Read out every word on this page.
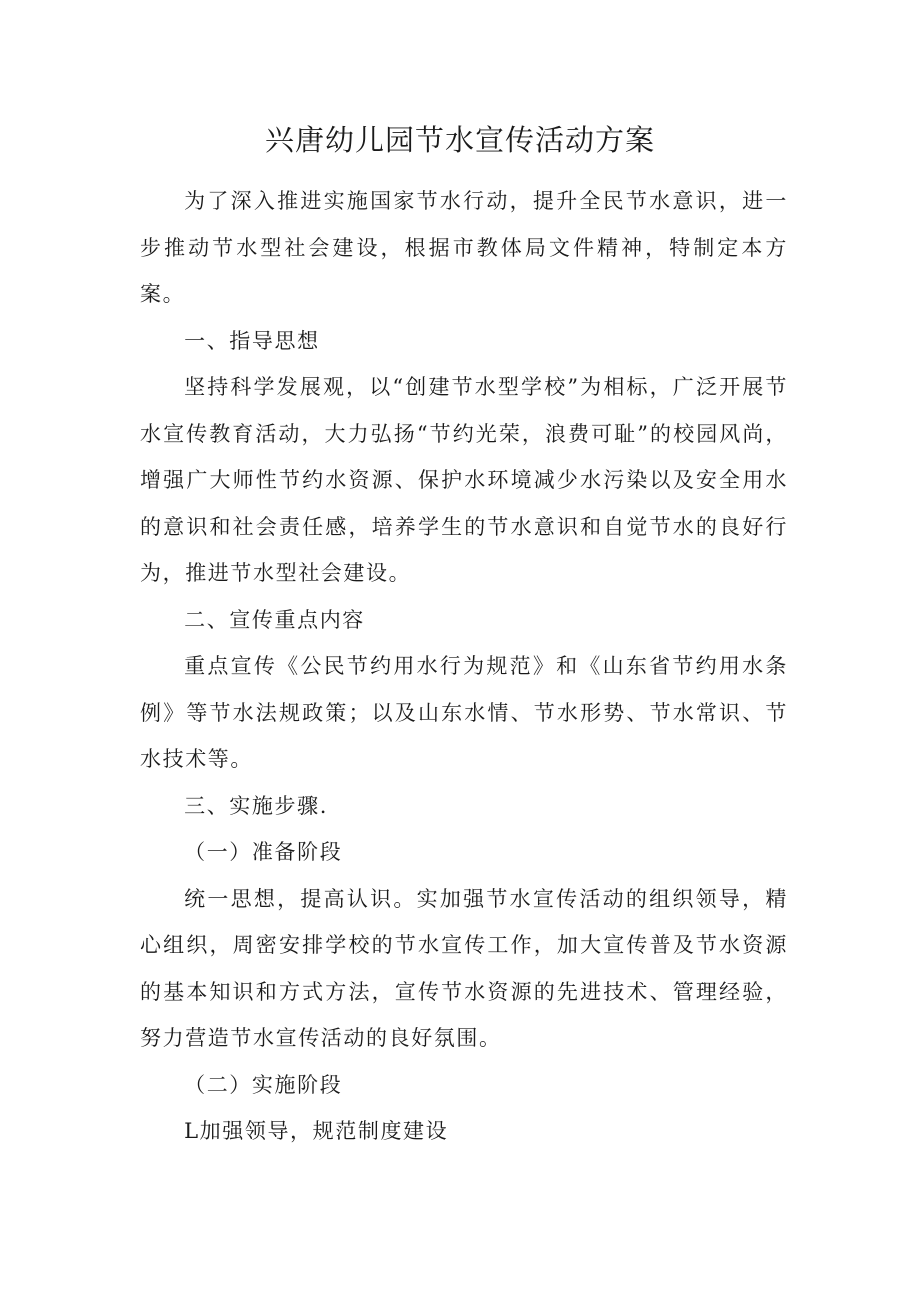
兴唐幼儿园节水宣传活动方案

为了深入推进实施国家节水行动，提升全民节水意识，进一步推动节水型社会建设，根据市教体局文件精神，特制定本方案。

一、指导思想

坚持科学发展观，以“创建节水型学校”为相标，广泛开展节水宣传教育活动，大力弘扬“节约光荣，浪费可耻”的校园风尚，增强广大师性节约水资源、保护水环境减少水污染以及安全用水的意识和社会责任感，培养学生的节水意识和自觉节水的良好行为，推进节水型社会建设。

二、宣传重点内容

重点宣传《公民节约用水行为规范》和《山东省节约用水条例》等节水法规政策；以及山东水情、节水形势、节水常识、节水技术等。

三、实施步骤.

（一）准备阶段

统一思想，提高认识。实加强节水宣传活动的组织领导，精心组织，周密安排学校的节水宣传工作，加大宣传普及节水资源的基本知识和方式方法，宣传节水资源的先进技术、管理经验，努力营造节水宣传活动的良好氛围。

（二）实施阶段

L加强领导，规范制度建设
